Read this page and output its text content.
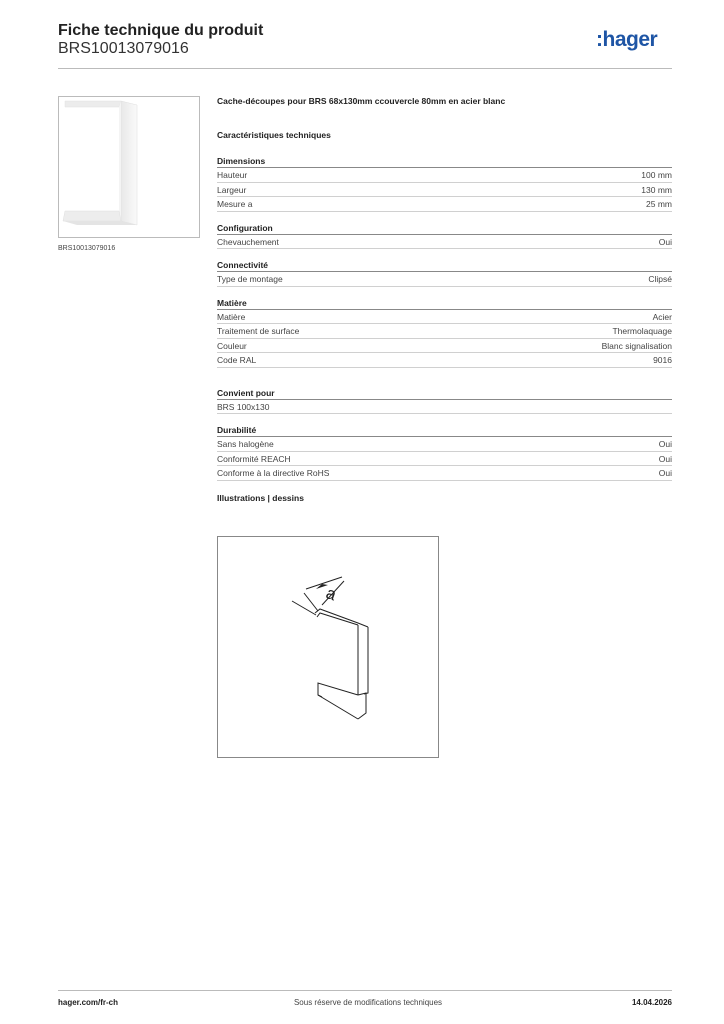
Fiche technique du produit
BRS10013079016	:hager
BRS10013079016
Cache-découpes pour BRS 68x130mm ccouvercle 80mm en acier blanc
Caractéristiques techniques
Dimensions
Hauteur	100 mm
Largeur	130 mm
Mesure a	25 mm
Configuration
Chevauchement	Oui
Connectivité
Type de montage	Clipsé
Matière
Matière	Acier
Traitement de surface	Thermolaquage
Couleur	Blanc signalisation
Code RAL	9016
Convient pour
BRS 100x130
Durabilité
Sans halogène	Oui
Conformité REACH	Oui
Conforme à la directive RoHS	Oui
Illustrations | dessins
a
hager.com/fr-ch	Sous réserve de modifications techniques	14.04.2026
